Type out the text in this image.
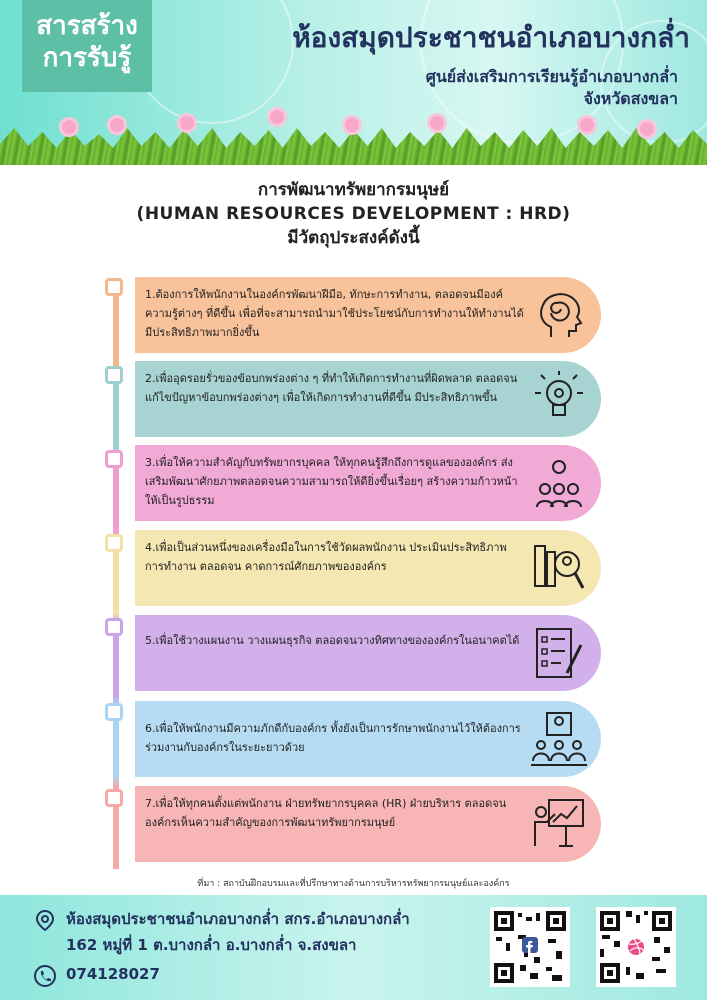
สารสร้าง
การรับรู้
ห้องสมุดประชาชนอำเภอบางกล่ำ
ศูนย์ส่งเสริมการเรียนรู้อำเภอบางกล่ำ
จังหวัดสงขลา
การพัฒนาทรัพยากรมนุษย์
(HUMAN RESOURCES DEVELOPMENT : HRD)
มีวัตถุประสงค์ดังนี้
1.ต้องการให้พนักงานในองค์กรพัฒนาฝีมือ, ทักษะการทำงาน, ตลอดจนมีองค์ความรู้ต่างๆ ที่ดีขึ้น เพื่อที่จะสามารถนำมาใช้ประโยชน์กับการทำงานให้ทำงานได้มีประสิทธิภาพมากยิ่งขึ้น
2.เพื่ออุดรอยรั่วของข้อบกพร่องต่าง ๆ ที่ทำให้เกิดการทำงานที่ผิดพลาด ตลอดจนแก้ไขปัญหาข้อบกพร่องต่างๆ เพื่อให้เกิดการทำงานที่ดีขึ้น มีประสิทธิภาพขึ้น
3.เพื่อให้ความสำคัญกับทรัพยากรบุคคล ให้ทุกคนรู้สึกถึงการดูแลขององค์กร ส่งเสริมพัฒนาศักยภาพตลอดจนความสามารถให้ดียิ่งขึ้นเรื่อยๆ สร้างความก้าวหน้าให้เป็นรูปธรรม
4.เพื่อเป็นส่วนหนึ่งของเครื่องมือในการใช้วัดผลพนักงาน ประเมินประสิทธิภาพการทำงาน ตลอดจน คาดการณ์ศักยภาพขององค์กร
5.เพื่อใช้วางแผนงาน วางแผนธุรกิจ ตลอดจนวางทิศทางขององค์กรในอนาคตได้
6.เพื่อให้พนักงานมีความภักดีกับองค์กร ทั้งยังเป็นการรักษาพนักงานไว้ให้ต้องการร่วมงานกับองค์กรในระยะยาวด้วย
7.เพื่อให้ทุกคนตั้งแต่พนักงาน ฝ่ายทรัพยากรบุคคล (HR) ฝ่ายบริหาร ตลอดจนองค์กรเห็นความสำคัญของการพัฒนาทรัพยากรมนุษย์
ที่มา : สถาบันฝึกอบรมและที่ปรึกษาทางด้านการบริหารทรัพยากรมนุษย์และองค์กร
ห้องสมุดประชาชนอำเภอบางกล่ำ สกร.อำเภอบางกล่ำ
162 หมู่ที่ 1 ต.บางกล่ำ อ.บางกล่ำ จ.สงขลา
074128027
